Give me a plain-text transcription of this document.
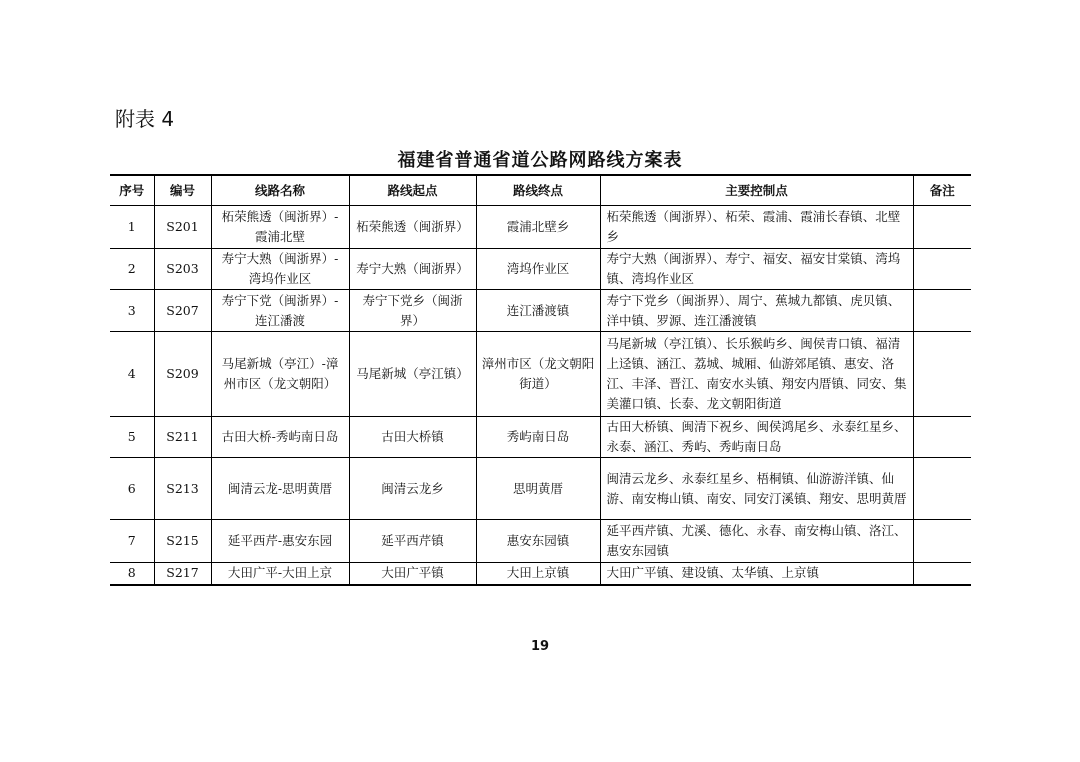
附表 4
福建省普通省道公路网路线方案表
序号	编号	线路名称	路线起点	路线终点	主要控制点	备注
1	S201	柘荣熊透（闽浙界）-霞浦北壁	柘荣熊透（闽浙界）	霞浦北壁乡	柘荣熊透（闽浙界）、柘荣、霞浦、霞浦长春镇、北壁乡	
2	S203	寿宁大熟（闽浙界）-湾坞作业区	寿宁大熟（闽浙界）	湾坞作业区	寿宁大熟（闽浙界）、寿宁、福安、福安甘棠镇、湾坞镇、湾坞作业区	
3	S207	寿宁下党（闽浙界）-连江潘渡	寿宁下党乡（闽浙界）	连江潘渡镇	寿宁下党乡（闽浙界）、周宁、蕉城九都镇、虎贝镇、洋中镇、罗源、连江潘渡镇	
4	S209	马尾新城（亭江）-漳州市区（龙文朝阳）	马尾新城（亭江镇）	漳州市区（龙文朝阳街道）	马尾新城（亭江镇）、长乐猴屿乡、闽侯青口镇、福清上迳镇、涵江、荔城、城厢、仙游郊尾镇、惠安、洛江、丰泽、晋江、南安水头镇、翔安内厝镇、同安、集美灌口镇、长泰、龙文朝阳街道	
5	S211	古田大桥-秀屿南日岛	古田大桥镇	秀屿南日岛	古田大桥镇、闽清下祝乡、闽侯鸿尾乡、永泰红星乡、永泰、涵江、秀屿、秀屿南日岛	
6	S213	闽清云龙-思明黄厝	闽清云龙乡	思明黄厝	闽清云龙乡、永泰红星乡、梧桐镇、仙游游洋镇、仙游、南安梅山镇、南安、同安汀溪镇、翔安、思明黄厝	
7	S215	延平西芹-惠安东园	延平西芹镇	惠安东园镇	延平西芹镇、尤溪、德化、永春、南安梅山镇、洛江、惠安东园镇	
8	S217	大田广平-大田上京	大田广平镇	大田上京镇	大田广平镇、建设镇、太华镇、上京镇	
19
